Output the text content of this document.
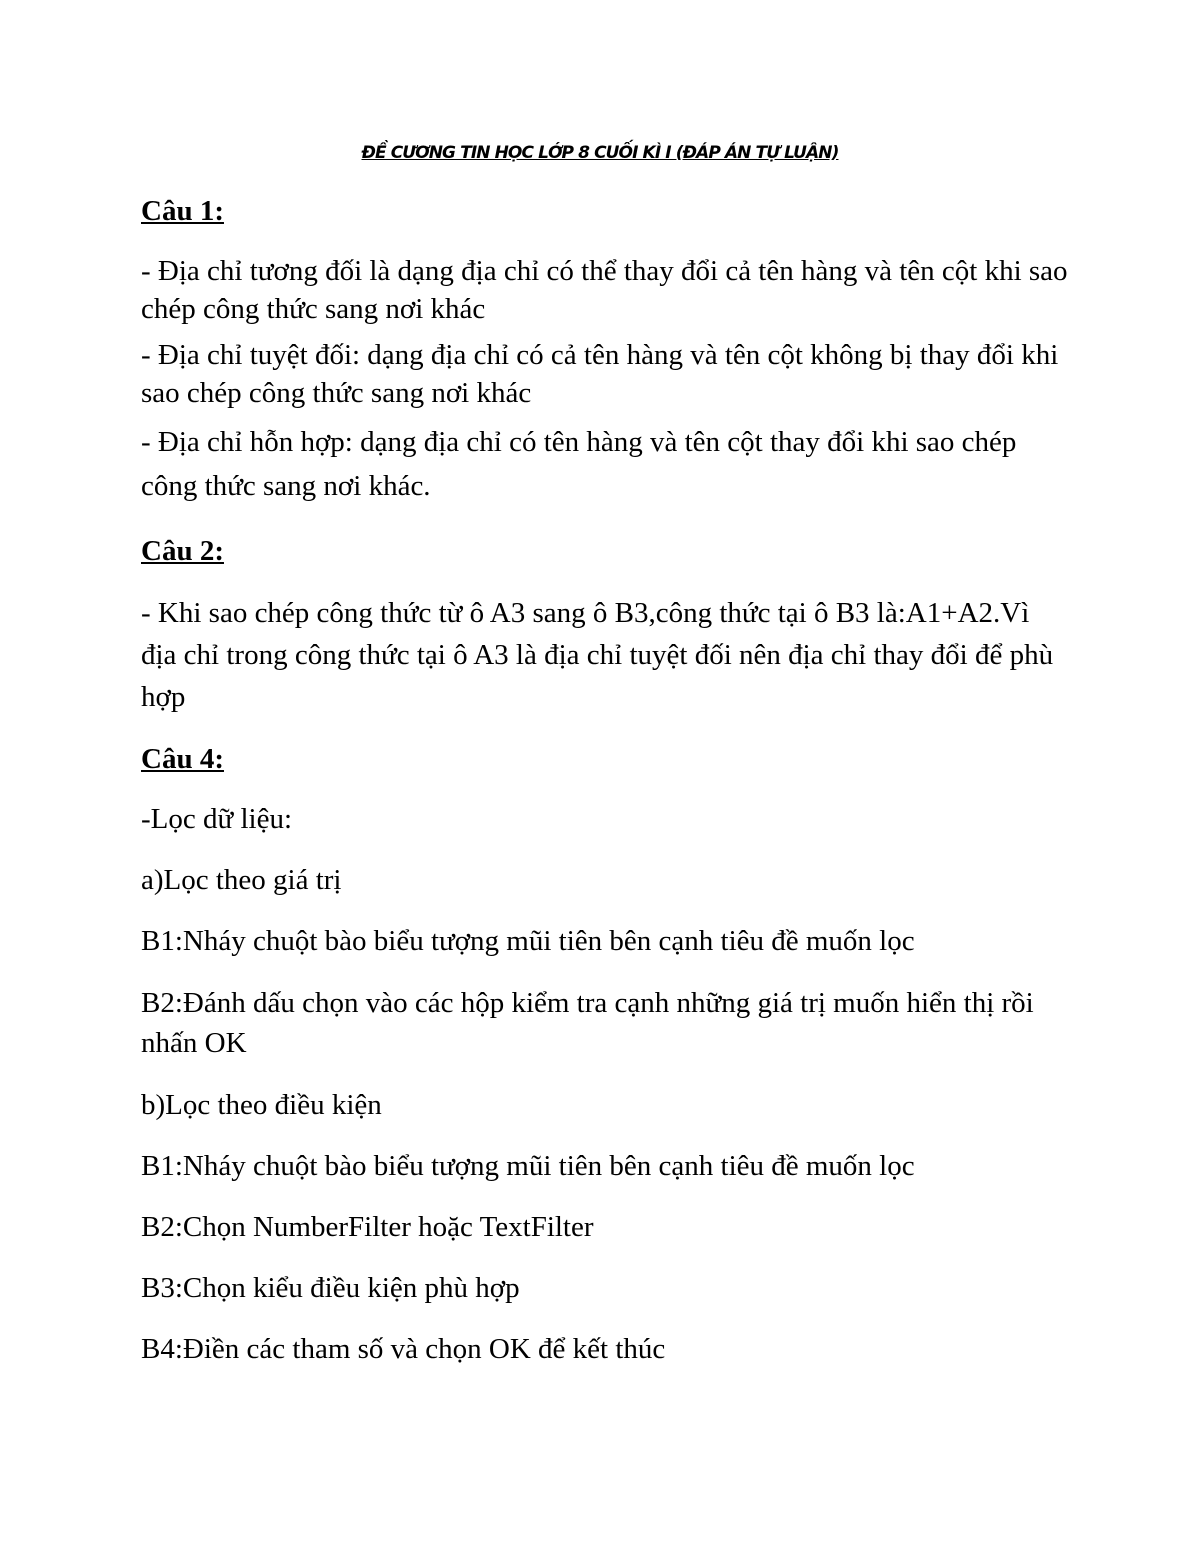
ĐỀ CƯƠNG TIN HỌC LỚP 8 CUỐI KÌ I (ĐÁP ÁN TỰ LUẬN)
Câu 1:

- Địa chỉ tương đối là dạng địa chỉ có thể thay đổi cả tên hàng và tên cột khi sao chép công thức sang nơi khác

- Địa chỉ tuyệt đối: dạng địa chỉ có cả tên hàng và tên cột không bị thay đổi khi sao chép công thức sang nơi khác

- Địa chỉ hỗn hợp: dạng địa chỉ có tên hàng và tên cột thay đổi khi sao chép công thức sang nơi khác.

Câu 2:

- Khi sao chép công thức từ ô A3 sang ô B3,công thức tại ô B3 là:A1+A2.Vì địa chỉ trong công thức tại ô A3 là địa chỉ tuyệt đối nên địa chỉ thay đổi để phù hợp

Câu 4:

-Lọc dữ liệu:

a)Lọc theo giá trị

B1:Nháy chuột bào biểu tượng mũi tiên bên cạnh tiêu đề muốn lọc

B2:Đánh dấu chọn vào các hộp kiểm tra cạnh những giá trị muốn hiển thị rồi nhấn OK

b)Lọc theo điều kiện

B1:Nháy chuột bào biểu tượng mũi tiên bên cạnh tiêu đề muốn lọc

B2:Chọn NumberFilter hoặc TextFilter

B3:Chọn kiểu điều kiện phù hợp

B4:Điền các tham số và chọn OK để kết thúc
